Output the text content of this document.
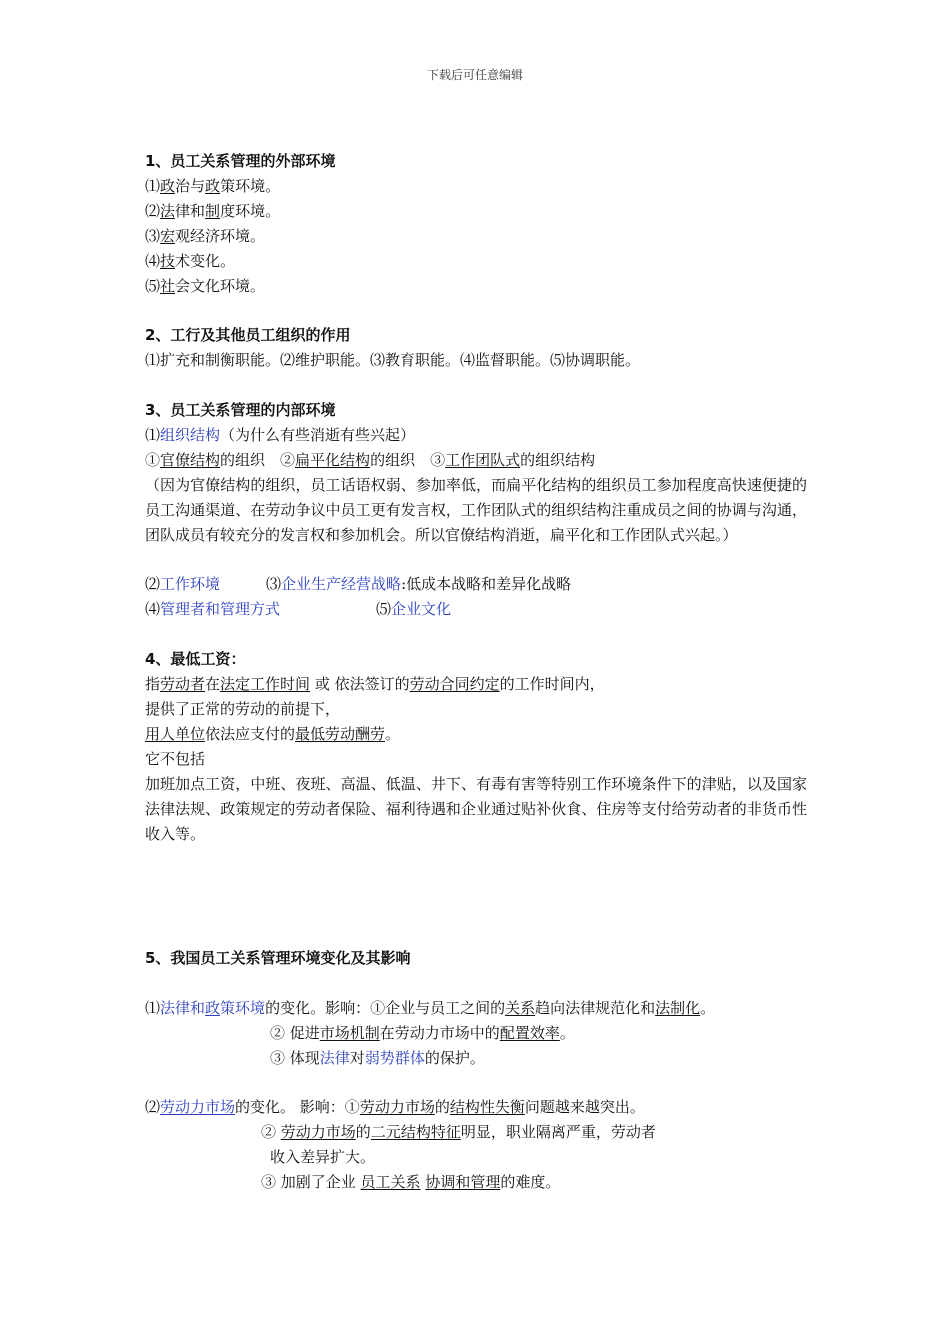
下载后可任意编辑
1、员工关系管理的外部环境
⑴政治与政策环境。
⑵法律和制度环境。
⑶宏观经济环境。
⑷技术变化。
⑸社会文化环境。
2、工行及其他员工组织的作用
⑴扩充和制衡职能。⑵维护职能。⑶教育职能。⑷监督职能。⑸协调职能。
3、员工关系管理的内部环境
⑴组织结构（为什么有些消逝有些兴起）
①官僚结构的组织　②扁平化结构的组织　③工作团队式的组织结构
（因为官僚结构的组织，员工话语权弱、参加率低，而扁平化结构的组织员工参加程度高快速便捷的员工沟通渠道、在劳动争议中员工更有发言权，工作团队式的组织结构注重成员之间的协调与沟通，团队成员有较充分的发言权和参加机会。所以官僚结构消逝，扁平化和工作团队式兴起。）
⑵工作环境	⑶企业生产经营战略:低成本战略和差异化战略
⑷管理者和管理方式	⑸企业文化
4、最低工资：
指劳动者在法定工作时间 或 依法签订的劳动合同约定的工作时间内，
提供了正常的劳动的前提下，
用人单位依法应支付的最低劳动酬劳。
它不包括
加班加点工资，中班、夜班、高温、低温、井下、有毒有害等特别工作环境条件下的津贴，以及国家法律法规、政策规定的劳动者保险、福利待遇和企业通过贴补伙食、住房等支付给劳动者的非货币性收入等。
5、我国员工关系管理环境变化及其影响
⑴法律和政策环境的变化。影响：①企业与员工之间的关系趋向法律规范化和法制化。
② 促进市场机制在劳动力市场中的配置效率。
③ 体现法律对弱势群体的保护。
⑵劳动力市场的变化。 影响：①劳动力市场的结构性失衡问题越来越突出。
② 劳动力市场的二元结构特征明显，职业隔离严重，劳动者
收入差异扩大。
③ 加剧了企业 员工关系 协调和管理的难度。
